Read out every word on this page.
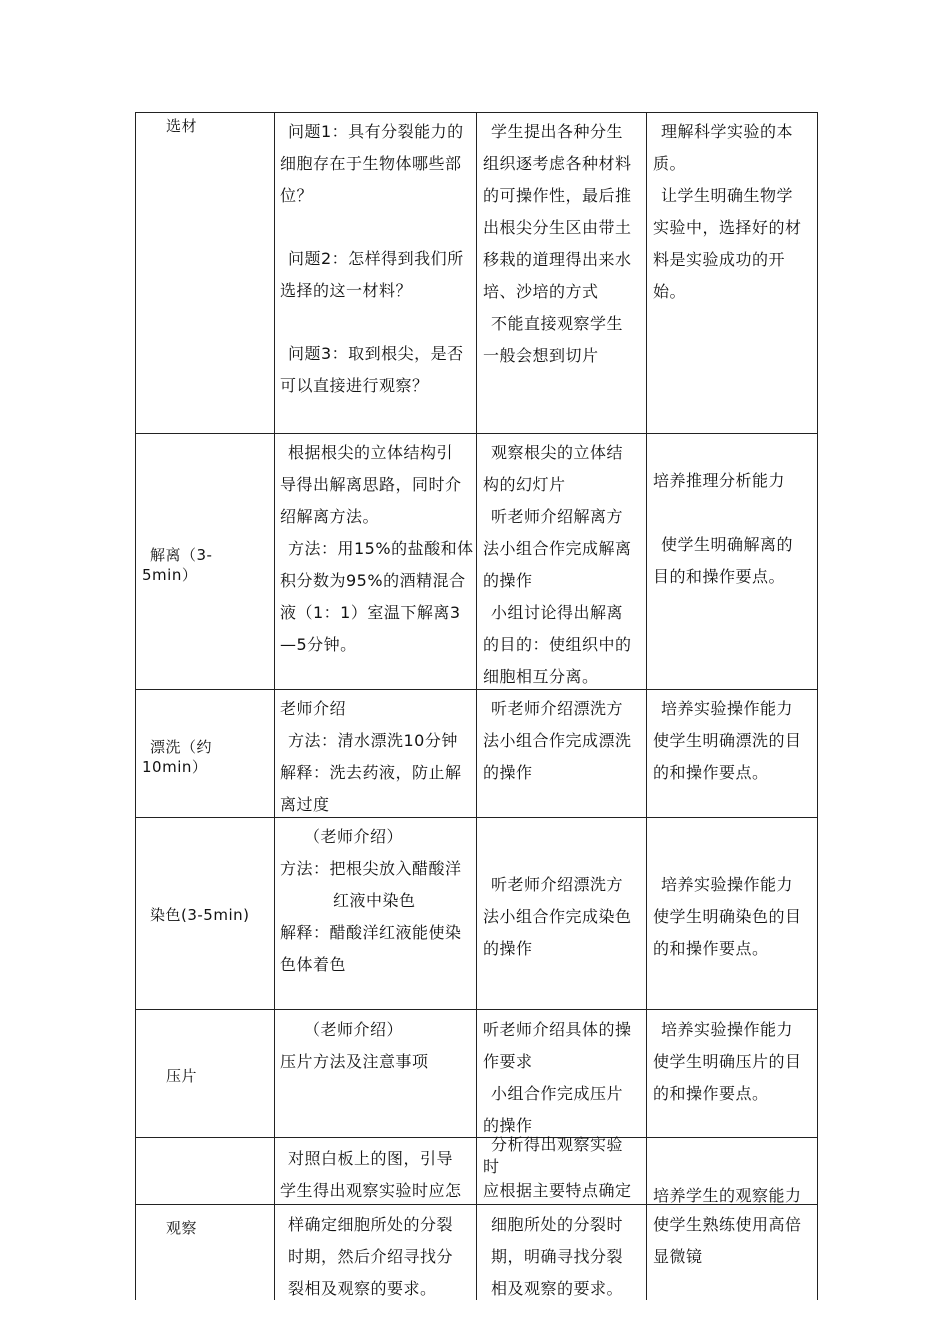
选材	问题1：具有分裂能力的
细胞存在于生物体哪些部
位？
问题2：怎样得到我们所
选择的这一材料？
问题3：取到根尖，是否
可以直接进行观察？
学生提出各种分生
组织逐考虑各种材料
的可操作性，最后推
出根尖分生区由带土
移栽的道理得出来水
培、沙培的方式
不能直接观察学生
一般会想到切片
理解科学实验的本
质。
让学生明确生物学
实验中，选择好的材
料是实验成功的开
始。
解离（3-
5min）
根据根尖的立体结构引
导得出解离思路，同时介
绍解离方法。
方法：用15%的盐酸和体
积分数为95%的酒精混合
液（1：1）室温下解离3
—5分钟。
观察根尖的立体结
构的幻灯片
听老师介绍解离方
法小组合作完成解离
的操作
小组讨论得出解离
的目的：使组织中的
细胞相互分离。
培养推理分析能力
使学生明确解离的
目的和操作要点。
漂洗（约
10min）
老师介绍
方法：清水漂洗10分钟
解释：洗去药液，防止解
离过度
听老师介绍漂洗方
法小组合作完成漂洗
的操作
培养实验操作能力
使学生明确漂洗的目
的和操作要点。
染色(3-5min)
（老师介绍）
方法：把根尖放入醋酸洋
红液中染色
解释：醋酸洋红液能使染
色体着色
听老师介绍漂洗方
法小组合作完成染色
的操作
培养实验操作能力
使学生明确染色的目
的和操作要点。
压片
（老师介绍）
压片方法及注意事项
听老师介绍具体的操
作要求
小组合作完成压片
的操作
培养实验操作能力
使学生明确压片的目
的和操作要点。
观察
对照白板上的图，引导
学生得出观察实验时应怎
样确定细胞所处的分裂
时期，然后介绍寻找分
裂相及观察的要求。
分析得出观察实验
时
应根据主要特点确定
细胞所处的分裂时
期，明确寻找分裂
相及观察的要求。
培养学生的观察能力
使学生熟练使用高倍
显微镜
